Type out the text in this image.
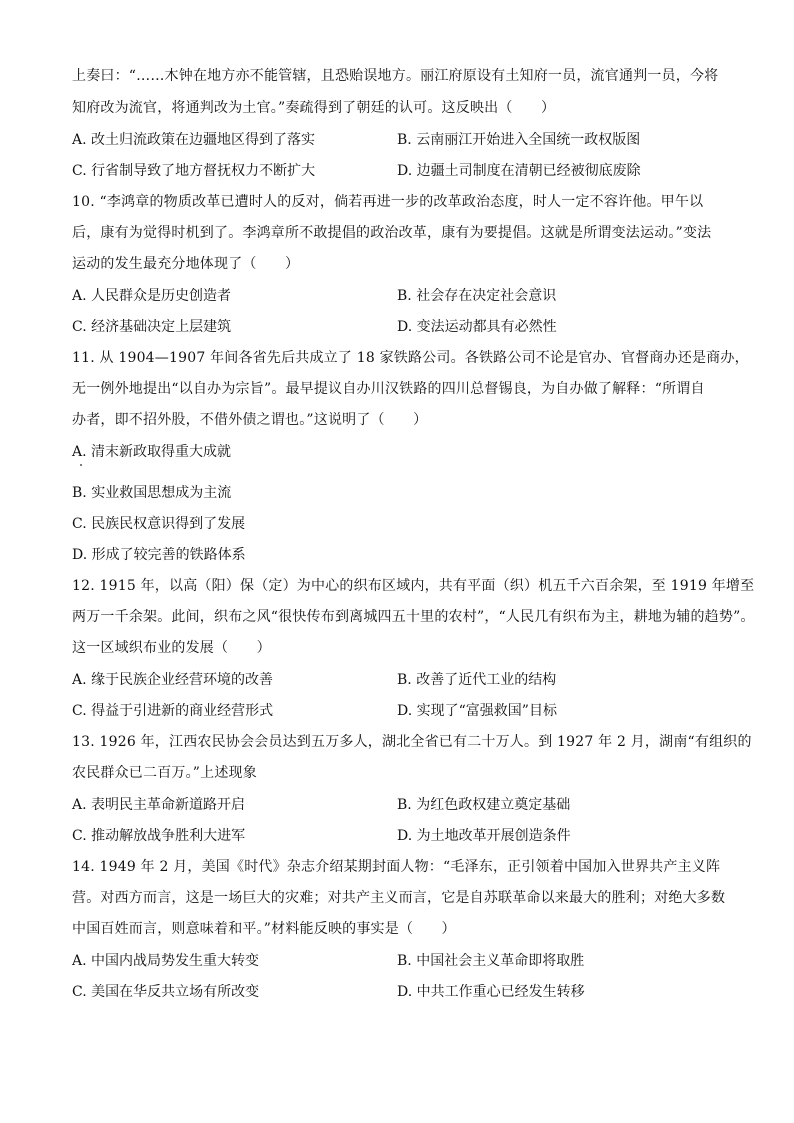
上奏曰：“……木钟在地方亦不能管辖，且恐贻误地方。丽江府原设有土知府一员，流官通判一员，今将
知府改为流官，将通判改为土官。”奏疏得到了朝廷的认可。这反映出（　　）
A. 改土归流政策在边疆地区得到了落实	B. 云南丽江开始进入全国统一政权版图
C. 行省制导致了地方督抚权力不断扩大	D. 边疆土司制度在清朝已经被彻底废除
10. “李鸿章的物质改革已遭时人的反对，倘若再进一步的改革政治态度，时人一定不容许他。甲午以
后，康有为觉得时机到了。李鸿章所不敢提倡的政治改革，康有为要提倡。这就是所谓变法运动。”变法
运动的发生最充分地体现了（　　）
A. 人民群众是历史创造者	B. 社会存在决定社会意识
C. 经济基础决定上层建筑	D. 变法运动都具有必然性
11. 从 1904—1907 年间各省先后共成立了 18 家铁路公司。各铁路公司不论是官办、官督商办还是商办，
无一例外地提出“以自办为宗旨”。最早提议自办川汉铁路的四川总督锡良，为自办做了解释：“所谓自
办者，即不招外股，不借外债之谓也。”这说明了（　　）
A. 清末新政取得重大成就
B. 实业救国思想成为主流
C. 民族民权意识得到了发展
D. 形成了较完善的铁路体系
12. 1915 年，以高（阳）保（定）为中心的织布区域内，共有平面（织）机五千六百余架，至 1919 年增至
两万一千余架。此间，织布之风“很快传布到离城四五十里的农村”，“人民几有织布为主，耕地为辅的趋势”。
这一区域织布业的发展（　　）
A. 缘于民族企业经营环境的改善	B. 改善了近代工业的结构
C. 得益于引进新的商业经营形式	D. 实现了“富强救国”目标
13. 1926 年，江西农民协会会员达到五万多人，湖北全省已有二十万人。到 1927 年 2 月，湖南“有组织的
农民群众已二百万。”上述现象
A. 表明民主革命新道路开启	B. 为红色政权建立奠定基础
C. 推动解放战争胜利大进军	D. 为土地改革开展创造条件
14. 1949 年 2 月，美国《时代》杂志介绍某期封面人物：“毛泽东，正引领着中国加入世界共产主义阵
营。对西方而言，这是一场巨大的灾难；对共产主义而言，它是自苏联革命以来最大的胜利；对绝大多数
中国百姓而言，则意味着和平。”材料能反映的事实是（　　）
A. 中国内战局势发生重大转变	B. 中国社会主义革命即将取胜
C. 美国在华反共立场有所改变	D. 中共工作重心已经发生转移
